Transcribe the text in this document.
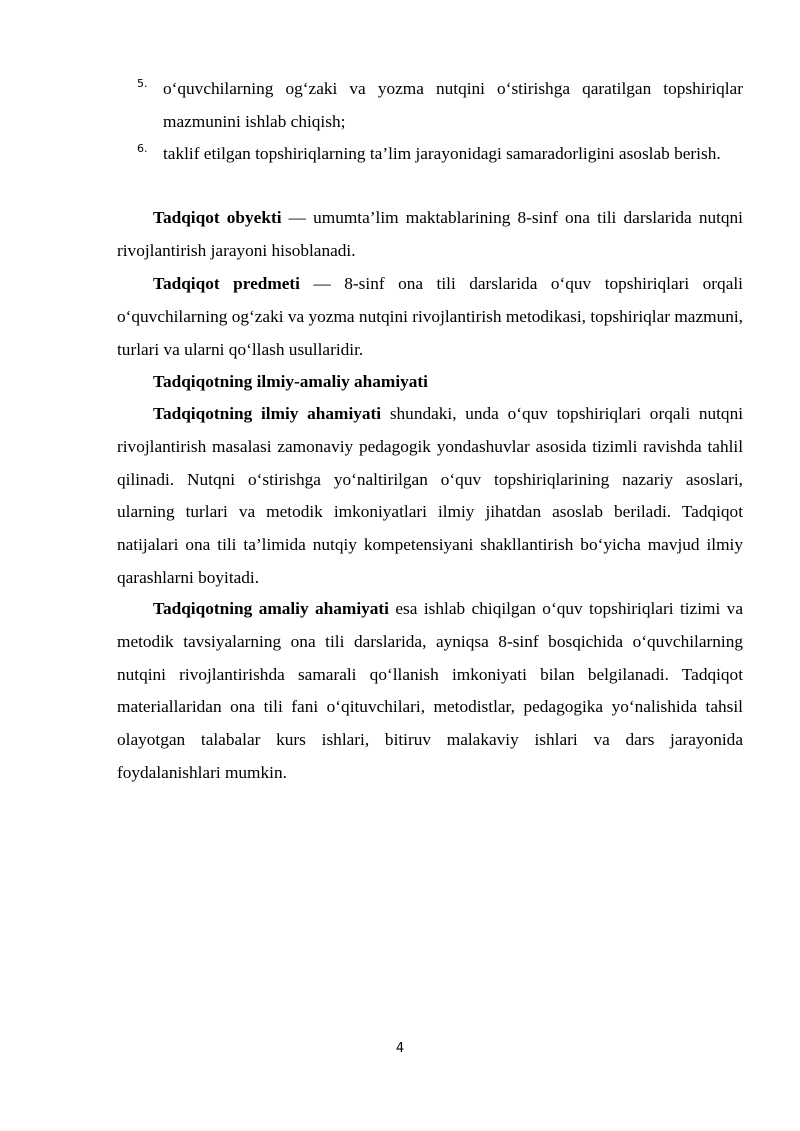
5. o‘quvchilarning og‘zaki va yozma nutqini o‘stirishga qaratilgan topshiriqlar mazmunini ishlab chiqish;
6. taklif etilgan topshiriqlarning ta’lim jarayonidagi samaradorligini asoslab berish.

Tadqiqot obyekti — umumta’lim maktablarining 8-sinf ona tili darslarida nutqni rivojlantirish jarayoni hisoblanadi.

Tadqiqot predmeti — 8-sinf ona tili darslarida o‘quv topshiriqlari orqali o‘quvchilarning og‘zaki va yozma nutqini rivojlantirish metodikasi, topshiriqlar mazmuni, turlari va ularni qo‘llash usullaridir.

Tadqiqotning ilmiy-amaliy ahamiyati

Tadqiqotning ilmiy ahamiyati shundaki, unda o‘quv topshiriqlari orqali nutqni rivojlantirish masalasi zamonaviy pedagogik yondashuvlar asosida tizimli ravishda tahlil qilinadi. Nutqni o‘stirishga yo‘naltirilgan o‘quv topshiriqlarining nazariy asoslari, ularning turlari va metodik imkoniyatlari ilmiy jihatdan asoslab beriladi. Tadqiqot natijalari ona tili ta’limida nutqiy kompetensiyani shakllantirish bo‘yicha mavjud ilmiy qarashlarni boyitadi.

Tadqiqotning amaliy ahamiyati esa ishlab chiqilgan o‘quv topshiriqlari tizimi va metodik tavsiyalarning ona tili darslarida, ayniqsa 8-sinf bosqichida o‘quvchilarning nutqini rivojlantirishda samarali qo‘llanish imkoniyati bilan belgilanadi. Tadqiqot materiallaridan ona tili fani o‘qituvchilari, metodistlar, pedagogika yo‘nalishida tahsil olayotgan talabalar kurs ishlari, bitiruv malakaviy ishlari va dars jarayonida foydalanishlari mumkin.

4
